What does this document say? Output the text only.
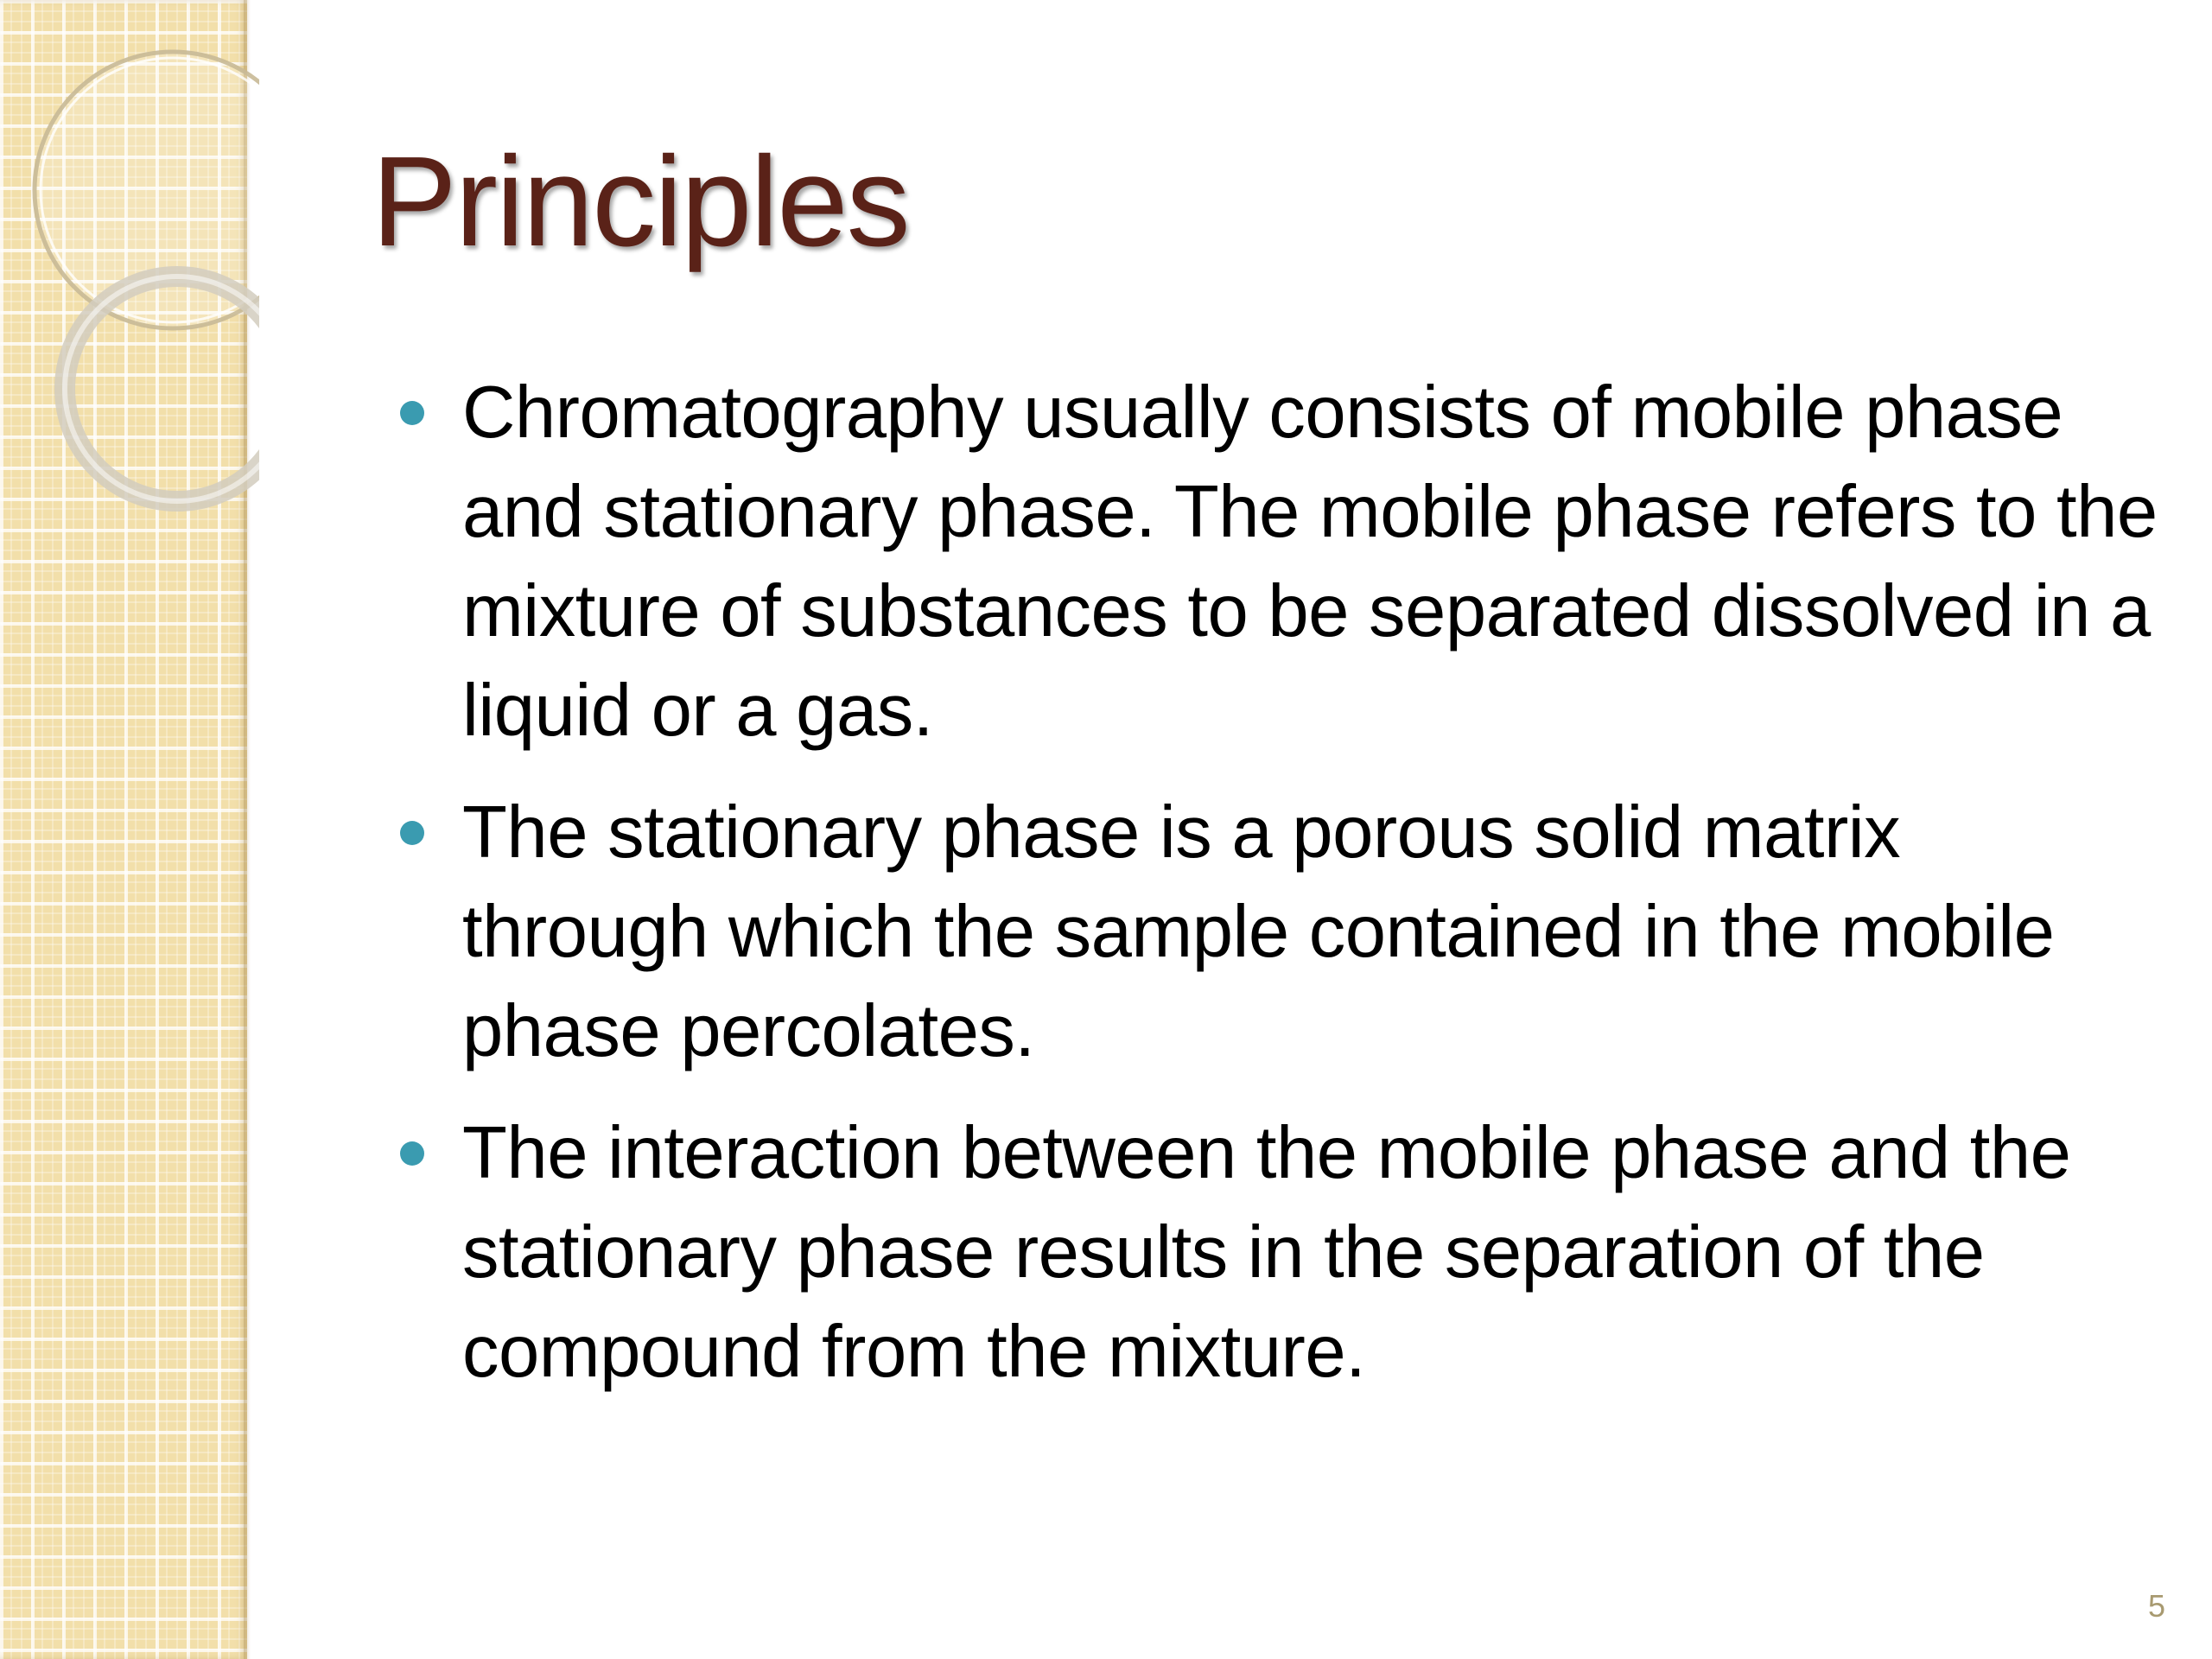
Principles
Chromatography usually consists of mobile phase and stationary phase. The mobile phase refers to the mixture of substances to be separated dissolved in a liquid or a gas.
The stationary phase is a porous solid matrix through which the sample contained in the mobile phase percolates.
The interaction between the mobile phase and the stationary phase results in the separation of the compound from the mixture.
5
